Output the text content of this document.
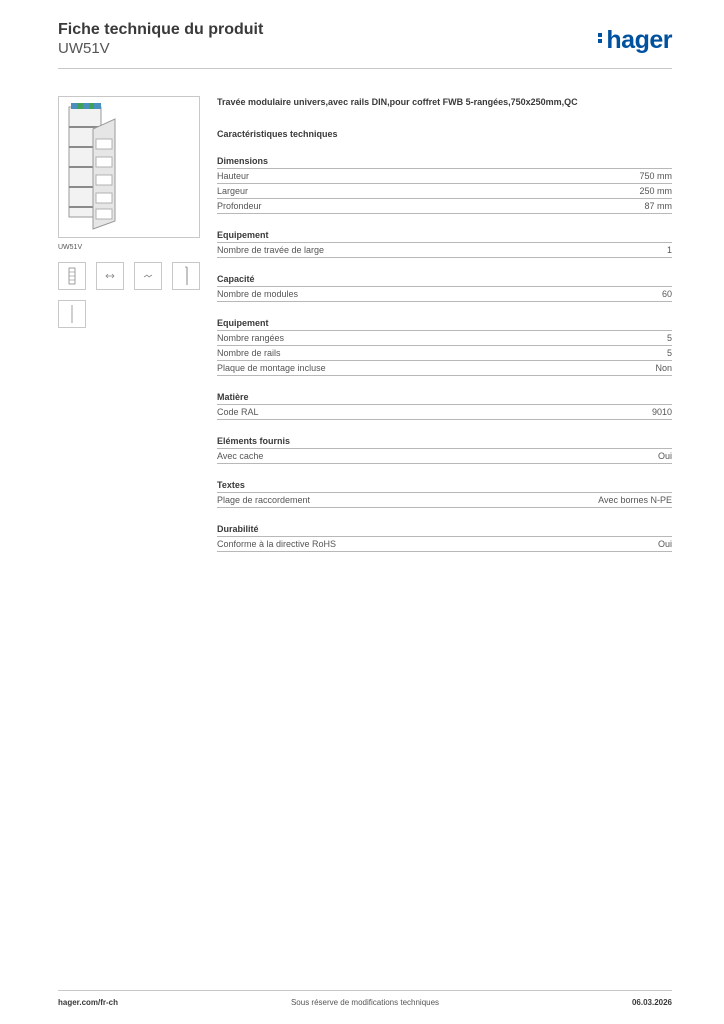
Fiche technique du produit
UW51V	hager
UW51V
Travée modulaire univers,avec rails DIN,pour coffret FWB 5-rangées,750x250mm,QC
Caractéristiques techniques
Dimensions
Hauteur	750 mm
Largeur	250 mm
Profondeur	87 mm
Equipement
Nombre de travée de large	1
Capacité
Nombre de modules	60
Equipement
Nombre rangées	5
Nombre de rails	5
Plaque de montage incluse	Non
Matière
Code RAL	9010
Eléments fournis
Avec cache	Oui
Textes
Plage de raccordement	Avec bornes N-PE
Durabilité
Conforme à la directive RoHS	Oui
hager.com/fr-ch	Sous réserve de modifications techniques	06.03.2026
